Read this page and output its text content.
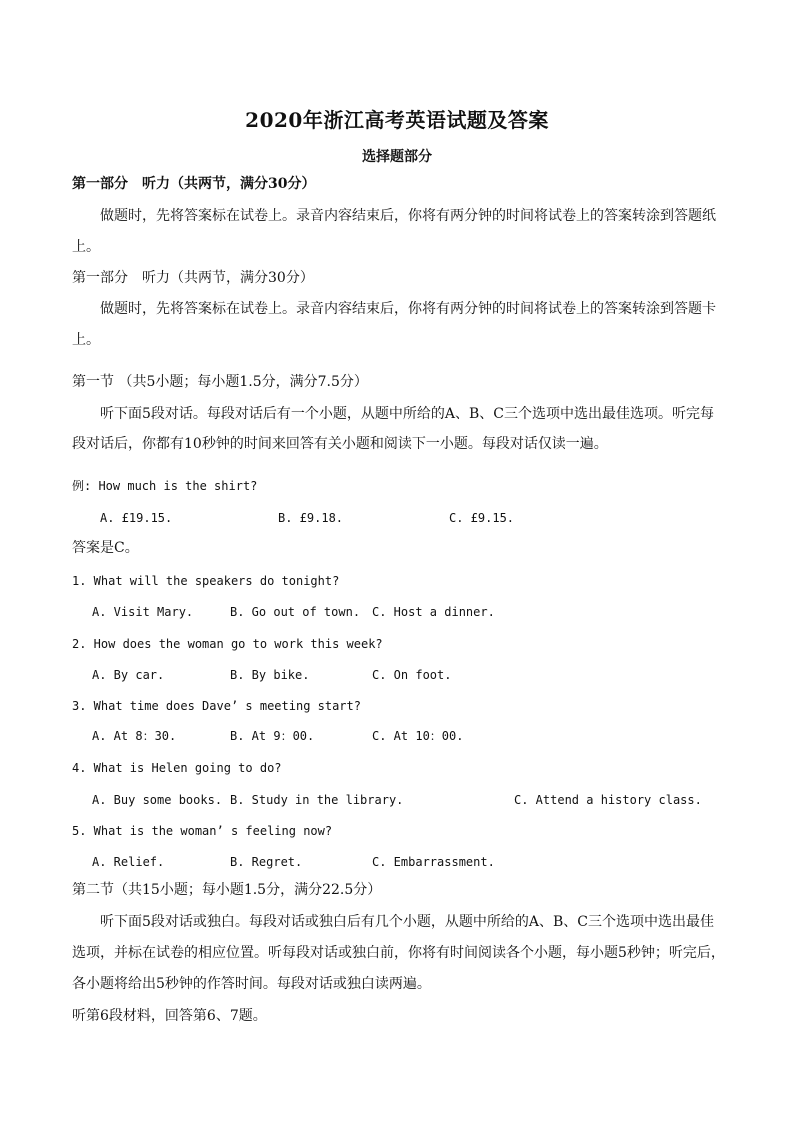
2020年浙江高考英语试题及答案
选择题部分
第一部分　听力（共两节，满分30分）
做题时，先将答案标在试卷上。录音内容结束后，你将有两分钟的时间将试卷上的答案转涂到答题纸
上。
第一部分　听力（共两节，满分30分）
做题时，先将答案标在试卷上。录音内容结束后，你将有两分钟的时间将试卷上的答案转涂到答题卡
上。
第一节 （共5小题；每小题1.5分，满分7.5分）
听下面5段对话。每段对话后有一个小题，从题中所给的A、B、C三个选项中选出最佳选项。听完每
段对话后，你都有10秒钟的时间来回答有关小题和阅读下一小题。每段对话仅读一遍。
例: How much is the shirt?
A. £19.15.	B. £9.18.	C. £9.15.
答案是C。
1. What will the speakers do tonight?
A. Visit Mary.	B. Go out of town. C. Host a dinner.
2. How does the woman go to work this week?
A. By car.	B. By bike.	C. On foot.
3. What time does Dave’ s meeting start?
A. At 8：30.	B. At 9：00.	C. At 10：00.
4. What is Helen going to do?
A. Buy some books. B. Study in the library.	C. Attend a history class.
5. What is the woman’ s feeling now?
A. Relief.	B. Regret.	C. Embarrassment.
第二节（共15小题；每小题1.5分，满分22.5分）
听下面5段对话或独白。每段对话或独白后有几个小题，从题中所给的A、B、C三个选项中选出最佳
选项，并标在试卷的相应位置。听每段对话或独白前，你将有时间阅读各个小题，每小题5秒钟；听完后，
各小题将给出5秒钟的作答时间。每段对话或独白读两遍。
听第6段材料，回答第6、7题。
